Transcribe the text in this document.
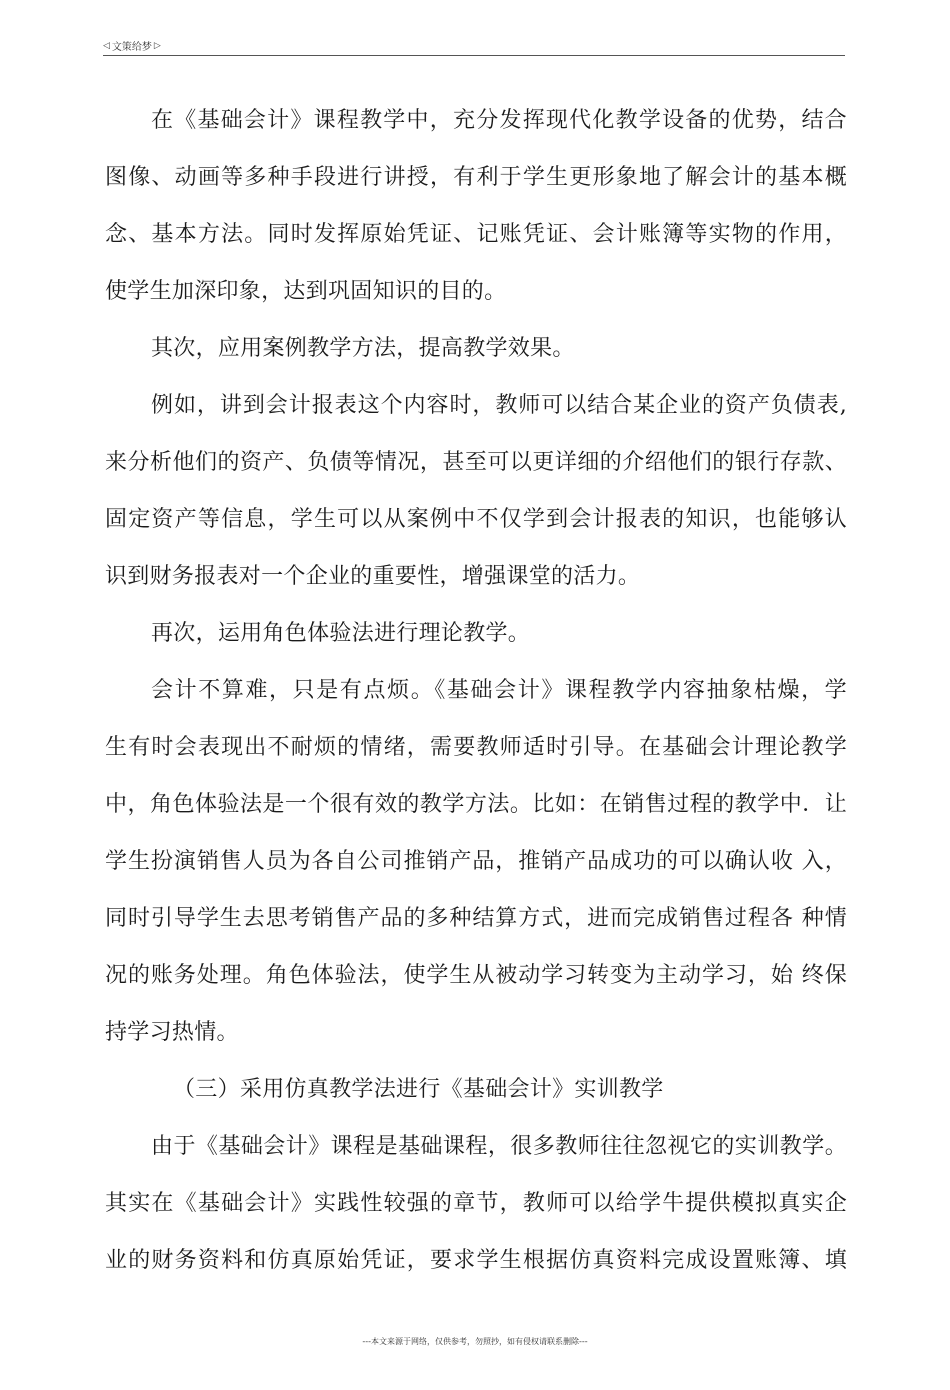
◁ 文策给梦 ▷

在《基础会计》课程教学中，充分发挥现代化教学设备的优势，结合
图像、动画等多种手段进行讲授，有利于学生更形象地了解会计的基本概
念、基本方法。同时发挥原始凭证、记账凭证、会计账簿等实物的作用，
使学生加深印象，达到巩固知识的目的。

其次，应用案例教学方法，提高教学效果。

例如，讲到会计报表这个内容时，教师可以结合某企业的资产负债表,
来分析他们的资产、负债等情况，甚至可以更详细的介绍他们的银行存款、
固定资产等信息，学生可以从案例中不仅学到会计报表的知识，也能够认
识到财务报表对一个企业的重要性，增强课堂的活力。

再次，运用角色体验法进行理论教学。

会计不算难，只是有点烦。《基础会计》课程教学内容抽象枯燥，学
生有时会表现出不耐烦的情绪，需要教师适时引导。在基础会计理论教学
中，角色体验法是一个很有效的教学方法。比如：在销售过程的教学中．让
学生扮演销售人员为各自公司推销产品，推销产品成功的可以确认收 入，
同时引导学生去思考销售产品的多种结算方式，进而完成销售过程各 种情
况的账务处理。角色体验法，使学生从被动学习转变为主动学习，始 终保
持学习热情。

（三）采用仿真教学法进行《基础会计》实训教学

由于《基础会计》课程是基础课程，很多教师往往忽视它的实训教学。
其实在《基础会计》实践性较强的章节，教师可以给学牛提供模拟真实企
业的财务资料和仿真原始凭证，要求学生根据仿真资料完成设置账簿、填

---本文来源于网络，仅供参考，勿照抄，如有侵权请联系删除---
